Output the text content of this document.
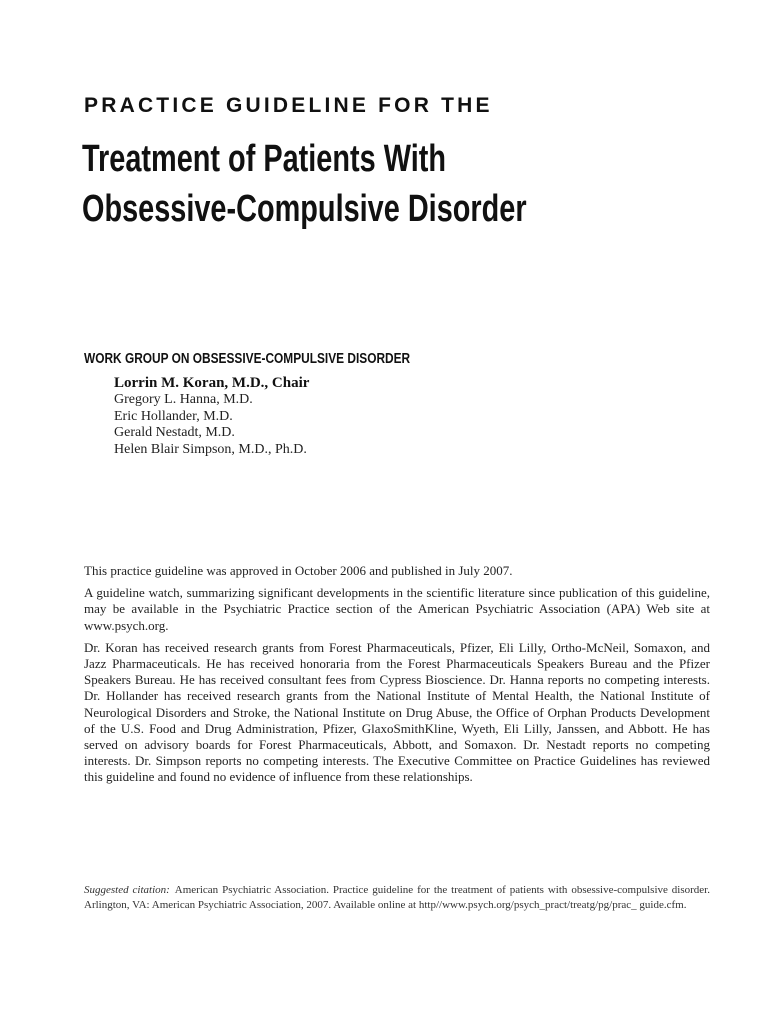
PRACTICE GUIDELINE FOR THE
Treatment of Patients With
Obsessive-Compulsive Disorder
WORK GROUP ON OBSESSIVE-COMPULSIVE DISORDER
Lorrin M. Koran, M.D., Chair
Gregory L. Hanna, M.D.
Eric Hollander, M.D.
Gerald Nestadt, M.D.
Helen Blair Simpson, M.D., Ph.D.

This practice guideline was approved in October 2006 and published in July 2007.

A guideline watch, summarizing significant developments in the scientific literature since publication of this guideline, may be available in the Psychiatric Practice section of the American Psychiatric Association (APA) Web site at www.psych.org.

Dr. Koran has received research grants from Forest Pharmaceuticals, Pfizer, Eli Lilly, Ortho-McNeil, Somaxon, and Jazz Pharmaceuticals. He has received honoraria from the Forest Pharmaceuticals Speakers Bureau and the Pfizer Speakers Bureau. He has received consultant fees from Cypress Bioscience. Dr. Hanna reports no competing interests. Dr. Hollander has received research grants from the National Institute of Mental Health, the National Institute of Neurological Disorders and Stroke, the National Institute on Drug Abuse, the Office of Orphan Products Development of the U.S. Food and Drug Administration, Pfizer, GlaxoSmithKline, Wyeth, Eli Lilly, Janssen, and Abbott. He has served on advisory boards for Forest Pharmaceuticals, Abbott, and Somaxon. Dr. Nestadt reports no competing interests. Dr. Simpson reports no competing interests. The Executive Committee on Practice Guidelines has reviewed this guideline and found no evidence of influence from these relationships.

Suggested citation: American Psychiatric Association. Practice guideline for the treatment of patients with obsessive-compulsive disorder. Arlington, VA: American Psychiatric Association, 2007. Available online at http//www.psych.org/psych_pract/treatg/pg/prac_ guide.cfm.
